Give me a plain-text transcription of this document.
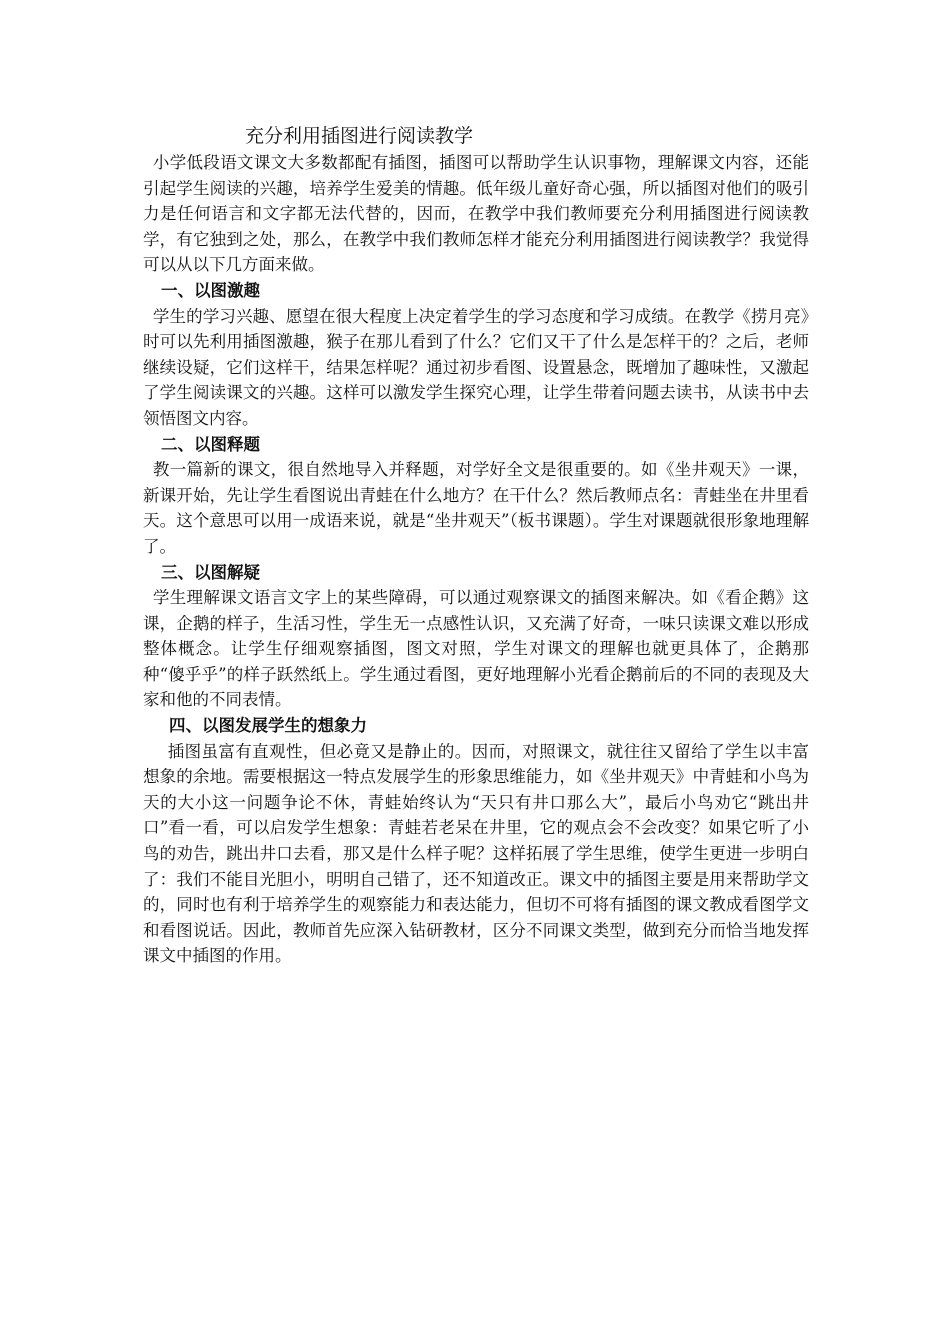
充分利用插图进行阅读教学

小学低段语文课文大多数都配有插图，插图可以帮助学生认识事物，理解课文内容，还能引起学生阅读的兴趣，培养学生爱美的情趣。低年级儿童好奇心强，所以插图对他们的吸引力是任何语言和文字都无法代替的，因而，在教学中我们教师要充分利用插图进行阅读教学，有它独到之处，那么，在教学中我们教师怎样才能充分利用插图进行阅读教学？我觉得可以从以下几方面来做。

一、以图激趣

学生的学习兴趣、愿望在很大程度上决定着学生的学习态度和学习成绩。在教学《捞月亮》时可以先利用插图激趣，猴子在那儿看到了什么？它们又干了什么是怎样干的？之后，老师继续设疑，它们这样干，结果怎样呢？通过初步看图、设置悬念，既增加了趣味性，又激起了学生阅读课文的兴趣。这样可以激发学生探究心理，让学生带着问题去读书，从读书中去领悟图文内容。

二、以图释题

教一篇新的课文，很自然地导入并释题，对学好全文是很重要的。如《坐井观天》一课，新课开始，先让学生看图说出青蛙在什么地方？在干什么？然后教师点名：青蛙坐在井里看天。这个意思可以用一成语来说，就是“坐井观天”（板书课题）。学生对课题就很形象地理解了。

三、以图解疑

学生理解课文语言文字上的某些障碍，可以通过观察课文的插图来解决。如《看企鹅》这课，企鹅的样子，生活习性，学生无一点感性认识，又充满了好奇，一味只读课文难以形成整体概念。让学生仔细观察插图，图文对照，学生对课文的理解也就更具体了，企鹅那种“傻乎乎”的样子跃然纸上。学生通过看图，更好地理解小光看企鹅前后的不同的表现及大家和他的不同表情。

四、以图发展学生的想象力

插图虽富有直观性，但必竟又是静止的。因而，对照课文，就往往又留给了学生以丰富想象的余地。需要根据这一特点发展学生的形象思维能力，如《坐井观天》中青蛙和小鸟为天的大小这一问题争论不休，青蛙始终认为“天只有井口那么大”，最后小鸟劝它“跳出井口”看一看，可以启发学生想象：青蛙若老呆在井里，它的观点会不会改变？如果它听了小鸟的劝告，跳出井口去看，那又是什么样子呢？这样拓展了学生思维，使学生更进一步明白了：我们不能目光胆小，明明自己错了，还不知道改正。课文中的插图主要是用来帮助学文的，同时也有利于培养学生的观察能力和表达能力，但切不可将有插图的课文教成看图学文和看图说话。因此，教师首先应深入钻研教材，区分不同课文类型，做到充分而恰当地发挥课文中插图的作用。
